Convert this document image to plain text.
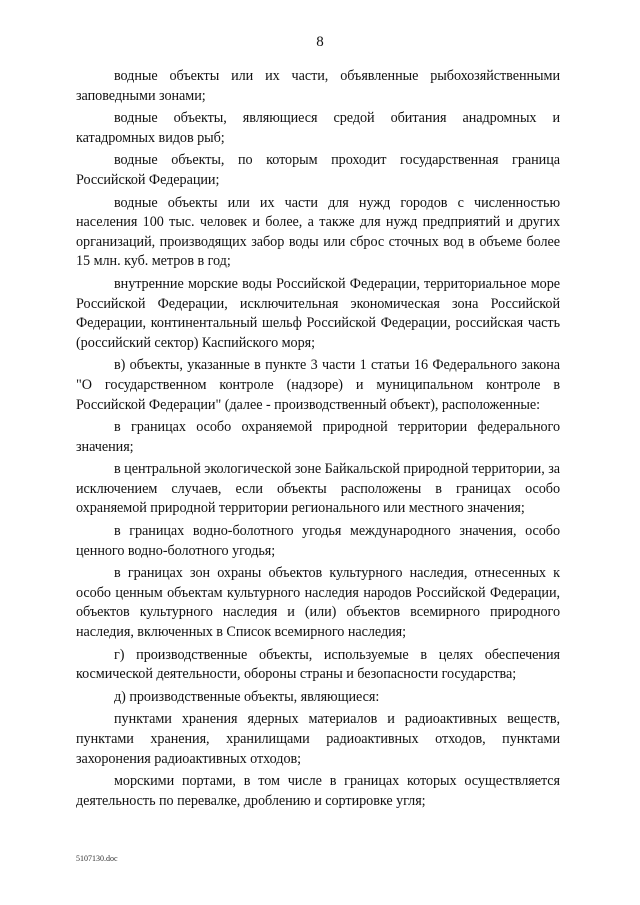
8

водные объекты или их части, объявленные рыбохозяйственными заповедными зонами;

водные объекты, являющиеся средой обитания анадромных и катадромных видов рыб;

водные объекты, по которым проходит государственная граница Российской Федерации;

водные объекты или их части для нужд городов с численностью населения 100 тыс. человек и более, а также для нужд предприятий и других организаций, производящих забор воды или сброс сточных вод в объеме более 15 млн. куб. метров в год;

внутренние морские воды Российской Федерации, территориальное море Российской Федерации, исключительная экономическая зона Российской Федерации, континентальный шельф Российской Федерации, российская часть (российский сектор) Каспийского моря;

в) объекты, указанные в пункте 3 части 1 статьи 16 Федерального закона "О государственном контроле (надзоре) и муниципальном контроле в Российской Федерации" (далее - производственный объект), расположенные:

в границах особо охраняемой природной территории федерального значения;

в центральной экологической зоне Байкальской природной территории, за исключением случаев, если объекты расположены в границах особо охраняемой природной территории регионального или местного значения;

в границах водно-болотного угодья международного значения, особо ценного водно-болотного угодья;

в границах зон охраны объектов культурного наследия, отнесенных к особо ценным объектам культурного наследия народов Российской Федерации, объектов культурного наследия и (или) объектов всемирного природного наследия, включенных в Список всемирного наследия;

г) производственные объекты, используемые в целях обеспечения космической деятельности, обороны страны и безопасности государства;

д) производственные объекты, являющиеся:

пунктами хранения ядерных материалов и радиоактивных веществ, пунктами хранения, хранилищами радиоактивных отходов, пунктами захоронения радиоактивных отходов;

морскими портами, в том числе в границах которых осуществляется деятельность по перевалке, дроблению и сортировке угля;

5107130.doc
